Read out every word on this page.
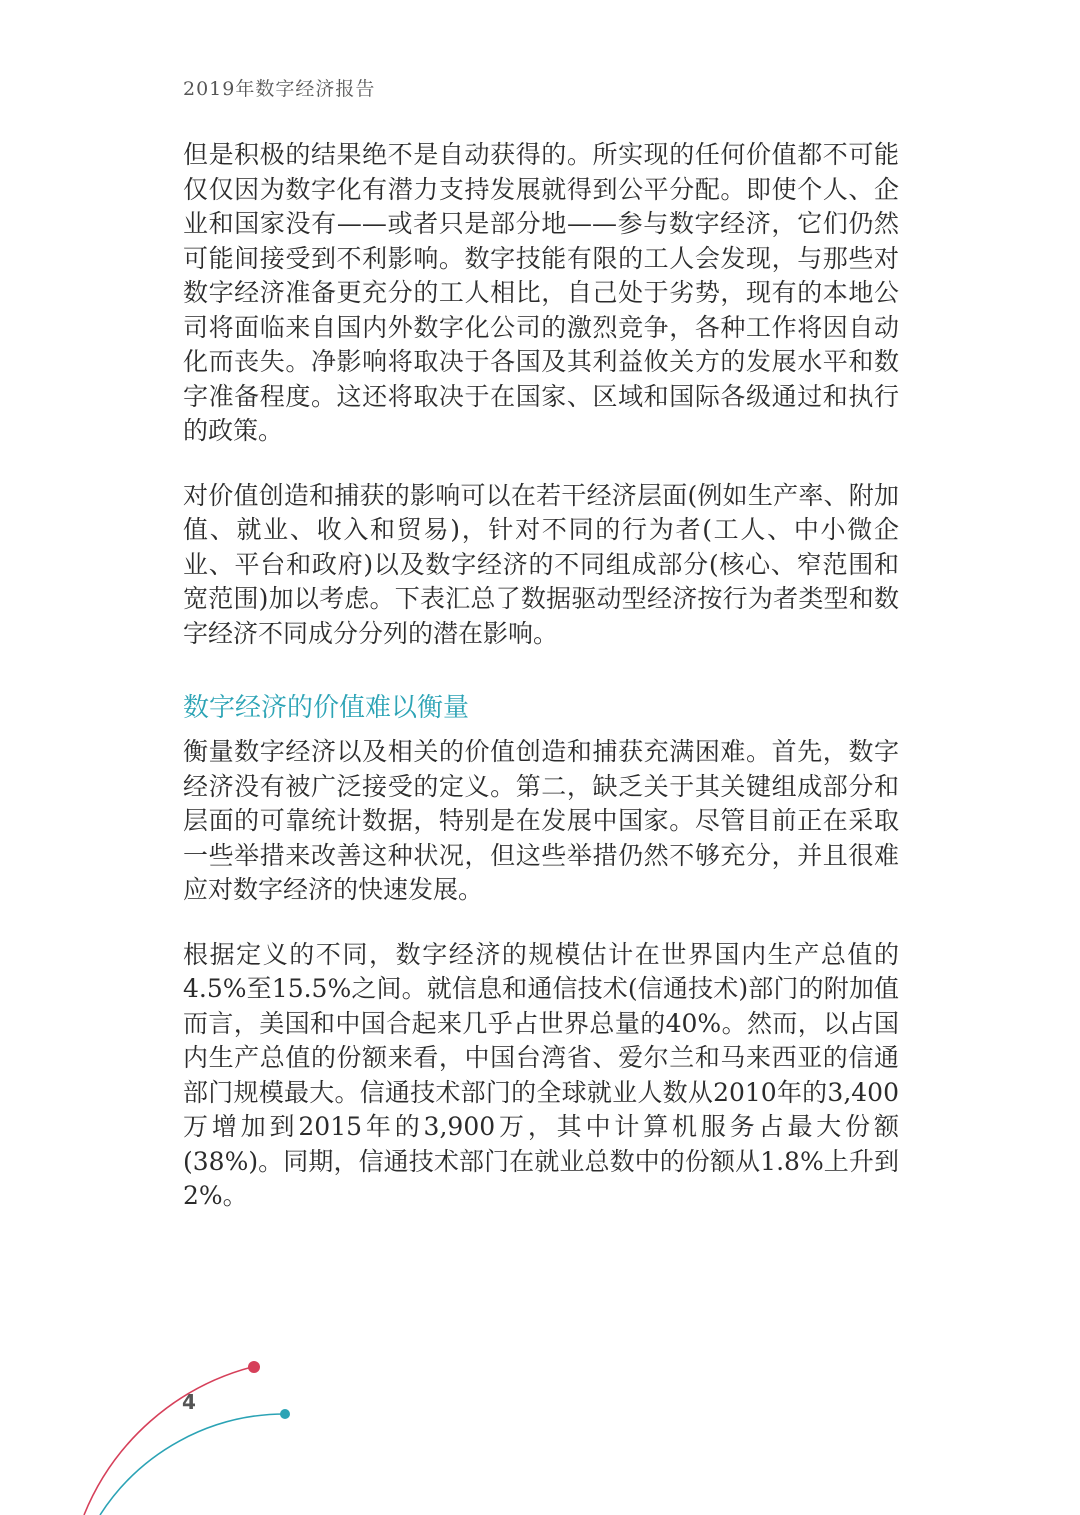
2019年数字经济报告

但是积极的结果绝不是自动获得的。所实现的任何价值都不可能仅仅因为数字化有潜力支持发展就得到公平分配。即使个人、企业和国家没有——或者只是部分地——参与数字经济，它们仍然可能间接受到不利影响。数字技能有限的工人会发现，与那些对数字经济准备更充分的工人相比，自己处于劣势，现有的本地公司将面临来自国内外数字化公司的激烈竞争，各种工作将因自动化而丧失。净影响将取决于各国及其利益攸关方的发展水平和数字准备程度。这还将取决于在国家、区域和国际各级通过和执行的政策。

对价值创造和捕获的影响可以在若干经济层面(例如生产率、附加值、就业、收入和贸易)，针对不同的行为者(工人、中小微企业、平台和政府)以及数字经济的不同组成部分(核心、窄范围和宽范围)加以考虑。下表汇总了数据驱动型经济按行为者类型和数字经济不同成分分列的潜在影响。

数字经济的价值难以衡量

衡量数字经济以及相关的价值创造和捕获充满困难。首先，数字经济没有被广泛接受的定义。第二，缺乏关于其关键组成部分和层面的可靠统计数据，特别是在发展中国家。尽管目前正在采取一些举措来改善这种状况，但这些举措仍然不够充分，并且很难应对数字经济的快速发展。

根据定义的不同，数字经济的规模估计在世界国内生产总值的4.5%至15.5%之间。就信息和通信技术(信通技术)部门的附加值而言，美国和中国合起来几乎占世界总量的40%。然而，以占国内生产总值的份额来看，中国台湾省、爱尔兰和马来西亚的信通部门规模最大。信通技术部门的全球就业人数从2010年的3,400万增加到2015年的3,900万，其中计算机服务占最大份额(38%)。同期，信通技术部门在就业总数中的份额从1.8%上升到2%。

4
